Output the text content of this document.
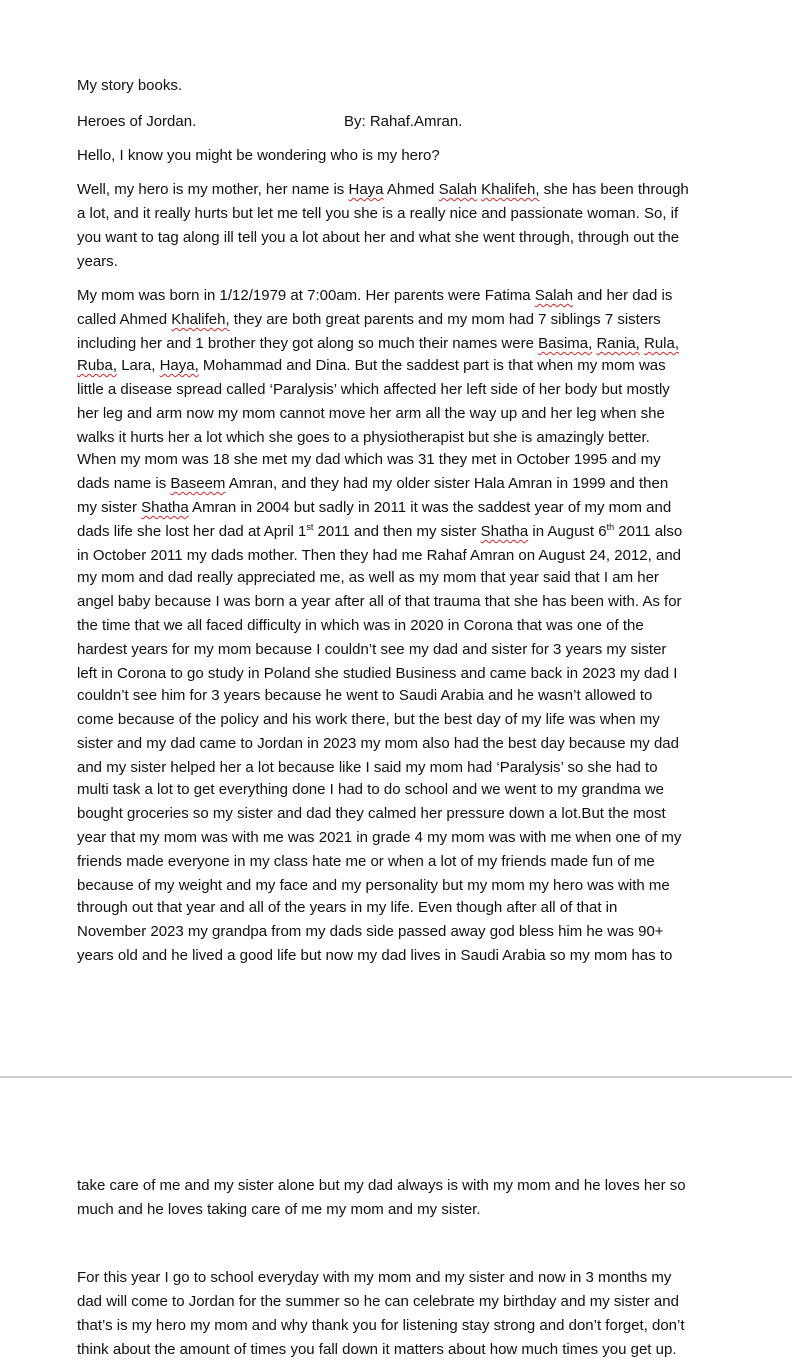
My story books.
Heroes of Jordan.	By: Rahaf.Amran.
Hello, I know you might be wondering who is my hero?
Well, my hero is my mother, her name is Haya Ahmed Salah Khalifeh, she has been through
a lot, and it really hurts but let me tell you she is a really nice and passionate woman. So, if
you want to tag along ill tell you a lot about her and what she went through, through out the
years.
My mom was born in 1/12/1979 at 7:00am. Her parents were Fatima Salah and her dad is
called Ahmed Khalifeh, they are both great parents and my mom had 7 siblings 7 sisters
including her and 1 brother they got along so much their names were Basima, Rania, Rula,
Ruba, Lara, Haya, Mohammad and Dina. But the saddest part is that when my mom was
little a disease spread called ‘Paralysis’ which affected her left side of her body but mostly
her leg and arm now my mom cannot move her arm all the way up and her leg when she
walks it hurts her a lot which she goes to a physiotherapist but she is amazingly better.
When my mom was 18 she met my dad which was 31 they met in October 1995 and my
dads name is Baseem Amran, and they had my older sister Hala Amran in 1999 and then
my sister Shatha Amran in 2004 but sadly in 2011 it was the saddest year of my mom and
dads life she lost her dad at April 1st 2011 and then my sister Shatha in August 6th 2011 also
in October 2011 my dads mother. Then they had me Rahaf Amran on August 24, 2012, and
my mom and dad really appreciated me, as well as my mom that year said that I am her
angel baby because I was born a year after all of that trauma that she has been with. As for
the time that we all faced difficulty in which was in 2020 in Corona that was one of the
hardest years for my mom because I couldn’t see my dad and sister for 3 years my sister
left in Corona to go study in Poland she studied Business and came back in 2023 my dad I
couldn’t see him for 3 years because he went to Saudi Arabia and he wasn’t allowed to
come because of the policy and his work there, but the best day of my life was when my
sister and my dad came to Jordan in 2023 my mom also had the best day because my dad
and my sister helped her a lot because like I said my mom had ‘Paralysis’ so she had to
multi task a lot to get everything done I had to do school and we went to my grandma we
bought groceries so my sister and dad they calmed her pressure down a lot.But the most
year that my mom was with me was 2021 in grade 4 my mom was with me when one of my
friends made everyone in my class hate me or when a lot of my friends made fun of me
because of my weight and my face and my personality but my mom my hero was with me
through out that year and all of the years in my life. Even though after all of that in
November 2023 my grandpa from my dads side passed away god bless him he was 90+
years old and he lived a good life but now my dad lives in Saudi Arabia so my mom has to
take care of me and my sister alone but my dad always is with my mom and he loves her so
much and he loves taking care of me my mom and my sister.
For this year I go to school everyday with my mom and my sister and now in 3 months my
dad will come to Jordan for the summer so he can celebrate my birthday and my sister and
that’s is my hero my mom and why thank you for listening stay strong and don’t forget, don’t
think about the amount of times you fall down it matters about how much times you get up.
